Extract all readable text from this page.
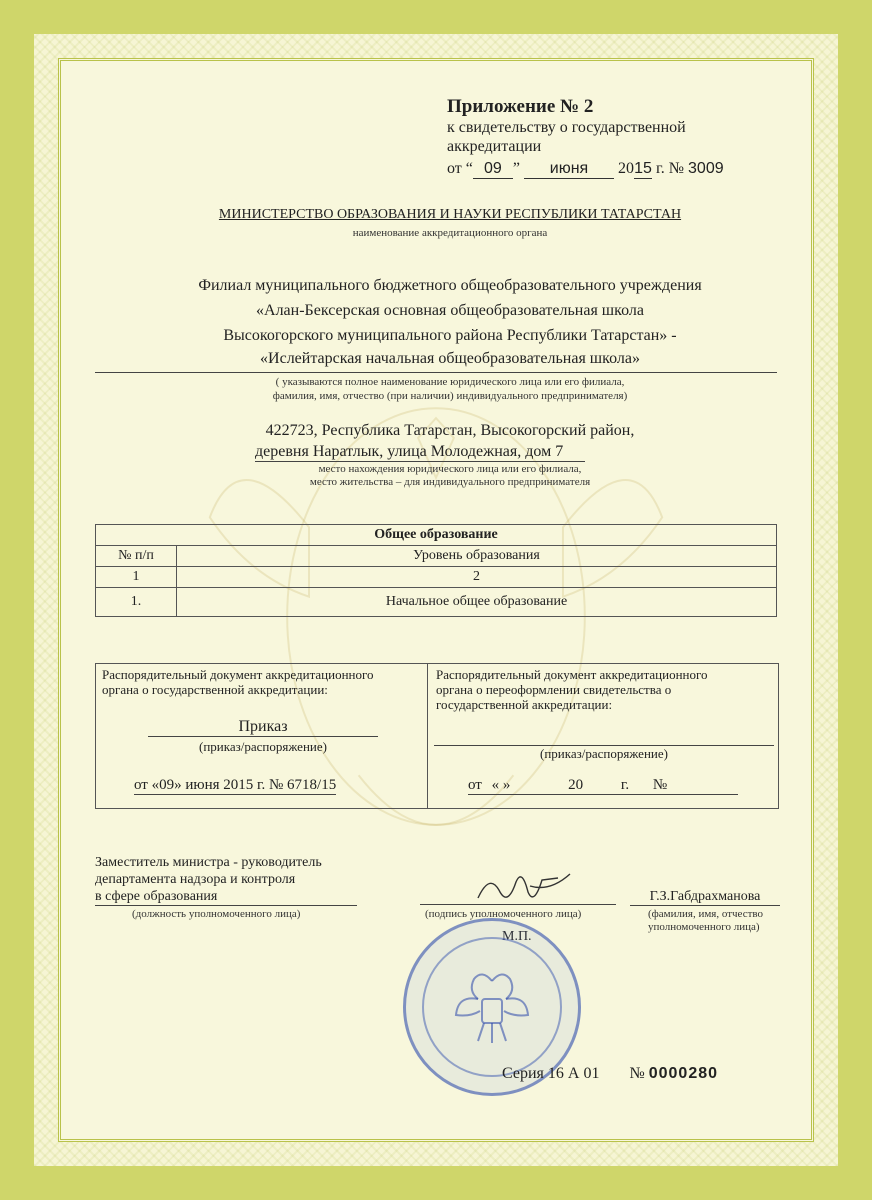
Приложение № 2
к свидетельству о государственной
аккредитации
от “ 09 ” июня 2015 г. № 3009
МИНИСТЕРСТВО ОБРАЗОВАНИЯ И НАУКИ РЕСПУБЛИКИ ТАТАРСТАН
наименование аккредитационного органа
Филиал муниципального бюджетного общеобразовательного учреждения
«Алан-Бексерская основная общеобразовательная школа
Высокогорского муниципального района Республики Татарстан» -
«Ислейтарская начальная общеобразовательная школа»
( указываются полное наименование юридического лица или его филиала,
фамилия, имя, отчество (при наличии) индивидуального предпринимателя)
422723, Республика Татарстан, Высокогорский район,
деревня Наратлык, улица Молодежная, дом 7
место нахождения юридического лица или его филиала,
место жительства – для индивидуального предпринимателя
Общее образование	
№ п/п	Уровень образования
1	2
1.	Начальное общее образование
Распорядительный документ аккредитационного
органа о государственной аккредитации:
Приказ
(приказ/распоряжение)
от «09» июня 2015 г. № 6718/15
Распорядительный документ аккредитационного
органа о переоформлении свидетельства о
государственной аккредитации:
(приказ/распоряжение)
от « »	20	г. №
Заместитель министра - руководитель
департамента надзора и контроля
в сфере образования
(должность уполномоченного лица)	(подпись уполномоченного лица)
М.П.
Г.З.Габдрахманова
(фамилия, имя, отчество
уполномоченного лица)
Серия 16 А 01 № 0000280
